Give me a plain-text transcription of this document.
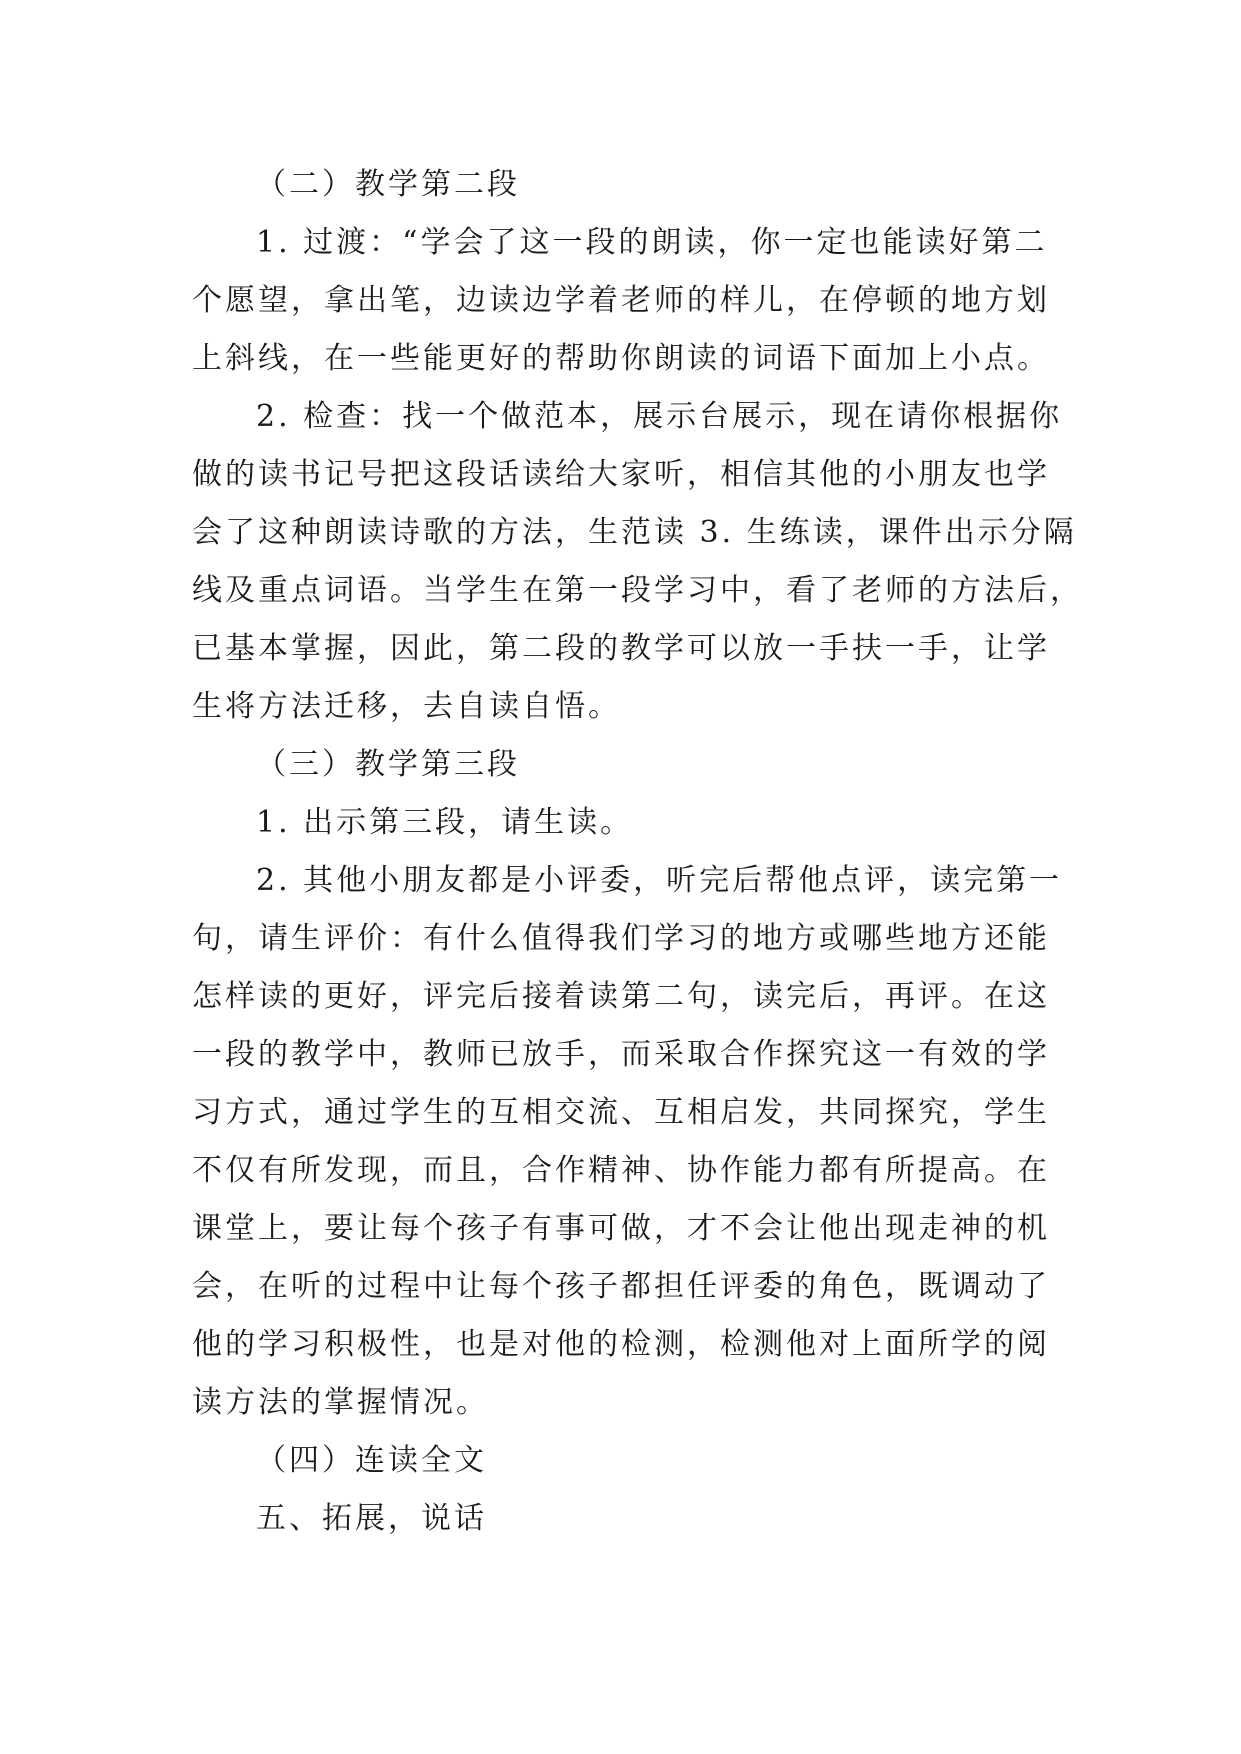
（二）教学第二段
1. 过渡：“学会了这一段的朗读，你一定也能读好第二
个愿望，拿出笔，边读边学着老师的样儿，在停顿的地方划
上斜线，在一些能更好的帮助你朗读的词语下面加上小点。
2. 检查：找一个做范本，展示台展示，现在请你根据你
做的读书记号把这段话读给大家听，相信其他的小朋友也学
会了这种朗读诗歌的方法，生范读 3. 生练读，课件出示分隔
线及重点词语。当学生在第一段学习中，看了老师的方法后，
已基本掌握，因此，第二段的教学可以放一手扶一手，让学
生将方法迁移，去自读自悟。
（三）教学第三段
1. 出示第三段，请生读。
2. 其他小朋友都是小评委，听完后帮他点评，读完第一
句，请生评价：有什么值得我们学习的地方或哪些地方还能
怎样读的更好，评完后接着读第二句，读完后，再评。在这
一段的教学中，教师已放手，而采取合作探究这一有效的学
习方式，通过学生的互相交流、互相启发，共同探究，学生
不仅有所发现，而且，合作精神、协作能力都有所提高。在
课堂上，要让每个孩子有事可做，才不会让他出现走神的机
会，在听的过程中让每个孩子都担任评委的角色，既调动了
他的学习积极性，也是对他的检测，检测他对上面所学的阅
读方法的掌握情况。
（四）连读全文
五、拓展，说话
